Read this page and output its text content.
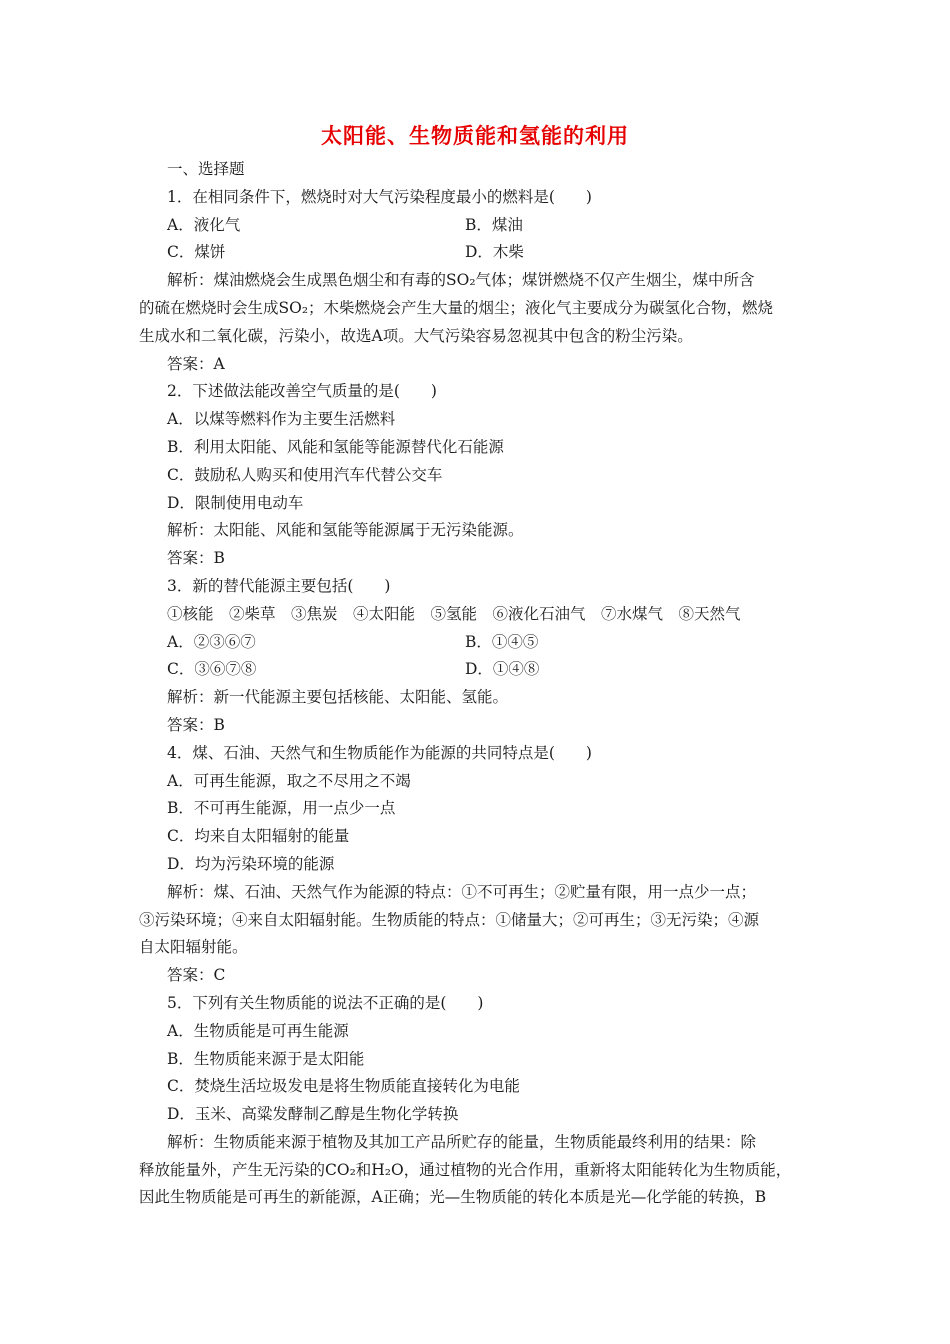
太阳能、生物质能和氢能的利用

一、选择题

1．在相同条件下，燃烧时对大气污染程度最小的燃料是(　　)

A．液化气	B．煤油
C．煤饼	D．木柴

解析：煤油燃烧会生成黑色烟尘和有毒的SO₂气体；煤饼燃烧不仅产生烟尘，煤中所含

的硫在燃烧时会生成SO₂；木柴燃烧会产生大量的烟尘；液化气主要成分为碳氢化合物，燃烧

生成水和二氧化碳，污染小，故选A项。大气污染容易忽视其中包含的粉尘污染。

答案：A

2．下述做法能改善空气质量的是(　　)

A．以煤等燃料作为主要生活燃料

B．利用太阳能、风能和氢能等能源替代化石能源

C．鼓励私人购买和使用汽车代替公交车

D．限制使用电动车

解析：太阳能、风能和氢能等能源属于无污染能源。

答案：B

3．新的替代能源主要包括(　　)

①核能　②柴草　③焦炭　④太阳能　⑤氢能　⑥液化石油气　⑦水煤气　⑧天然气

A．②③⑥⑦	B．①④⑤
C．③⑥⑦⑧	D．①④⑧

解析：新一代能源主要包括核能、太阳能、氢能。

答案：B

4．煤、石油、天然气和生物质能作为能源的共同特点是(　　)

A．可再生能源，取之不尽用之不竭

B．不可再生能源，用一点少一点

C．均来自太阳辐射的能量

D．均为污染环境的能源

解析：煤、石油、天然气作为能源的特点：①不可再生；②贮量有限，用一点少一点；

③污染环境；④来自太阳辐射能。生物质能的特点：①储量大；②可再生；③无污染；④源

自太阳辐射能。

答案：C

5．下列有关生物质能的说法不正确的是(　　)

A．生物质能是可再生能源

B．生物质能来源于是太阳能

C．焚烧生活垃圾发电是将生物质能直接转化为电能

D．玉米、高粱发酵制乙醇是生物化学转换

解析：生物质能来源于植物及其加工产品所贮存的能量，生物质能最终利用的结果：除

释放能量外，产生无污染的CO₂和H₂O，通过植物的光合作用，重新将太阳能转化为生物质能，

因此生物质能是可再生的新能源，A正确；光—生物质能的转化本质是光—化学能的转换，B
